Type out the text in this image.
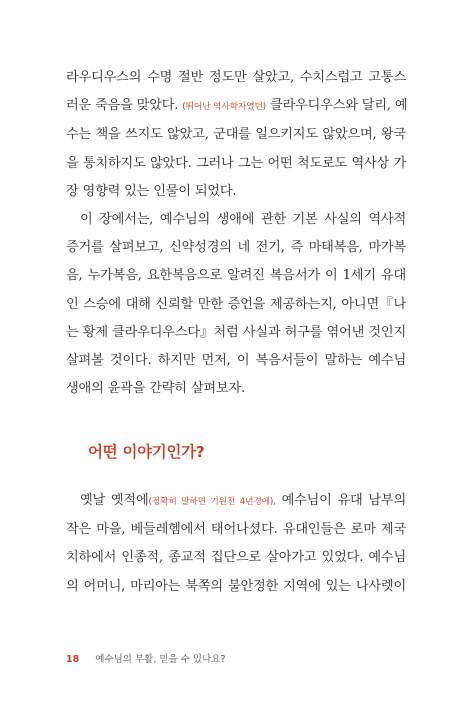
라우디우스의 수명 절반 정도만 살았고, 수치스럽고 고통스
러운 죽음을 맞았다. (뛰어난 역사학자였던) 클라우디우스와 달리, 예
수는 책을 쓰지도 않았고, 군대를 일으키지도 않았으며, 왕국
을 통치하지도 않았다. 그러나 그는 어떤 척도로도 역사상 가
장 영향력 있는 인물이 되었다.

이 장에서는, 예수님의 생애에 관한 기본 사실의 역사적
증거를 살펴보고, 신약성경의 네 전기, 즉 마태복음, 마가복
음, 누가복음, 요한복음으로 알려진 복음서가 이 1세기 유대
인 스승에 대해 신뢰할 만한 증언을 제공하는지, 아니면『나
는 황제 클라우디우스다』처럼 사실과 허구를 엮어낸 것인지
살펴볼 것이다. 하지만 먼저, 이 복음서들이 말하는 예수님
생애의 윤곽을 간략히 살펴보자.

어떤 이야기인가?

옛날 옛적에(정확히 말하면 기원전 4년경에), 예수님이 유대 남부의
작은 마을, 베들레헴에서 태어나셨다. 유대인들은 로마 제국
치하에서 인종적, 종교적 집단으로 살아가고 있었다. 예수님
의 어머니, 마리아는 북쪽의 불안정한 지역에 있는 나사렛이

18 예수님의 부활, 믿을 수 있나요?
